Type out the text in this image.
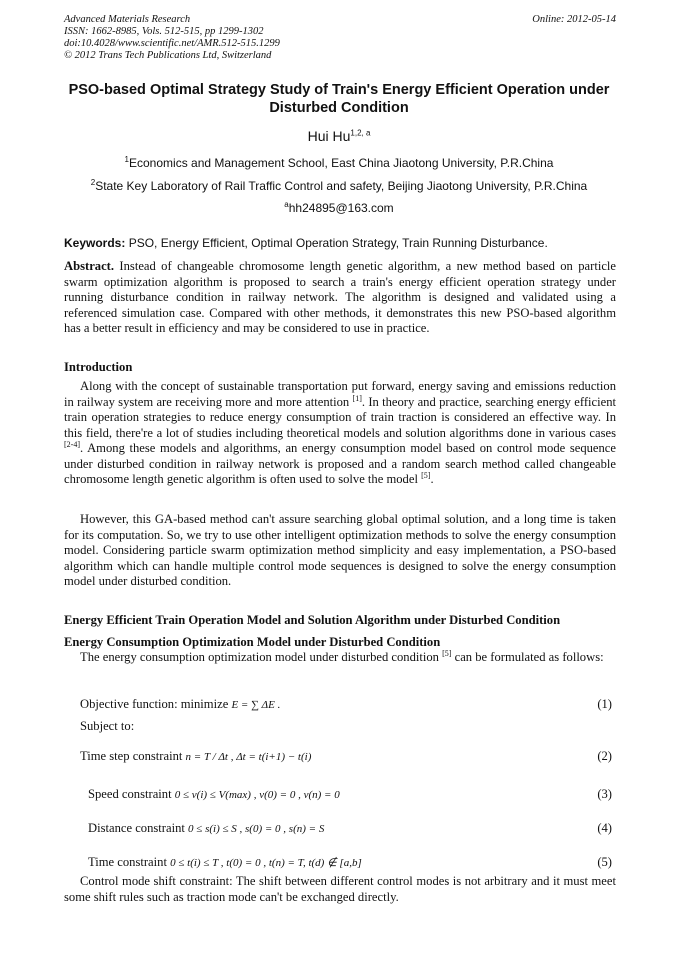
Advanced Materials Research
ISSN: 1662-8985, Vols. 512-515, pp 1299-1302
doi:10.4028/www.scientific.net/AMR.512-515.1299
© 2012 Trans Tech Publications Ltd, Switzerland
Online: 2012-05-14
PSO-based Optimal Strategy Study of Train's Energy Efficient Operation under Disturbed Condition
Hui Hu$^{1,2, a}$
$^1$Economics and Management School, East China Jiaotong University, P.R.China
$^2$State Key Laboratory of Rail Traffic Control and safety, Beijing Jiaotong University, P.R.China
$^a$hh24895@163.com
Keywords: PSO, Energy Efficient, Optimal Operation Strategy, Train Running Disturbance.
Abstract. Instead of changeable chromosome length genetic algorithm, a new method based on particle swarm optimization algorithm is proposed to search a train's energy efficient operation strategy under running disturbance condition in railway network. The algorithm is designed and validated using a referenced simulation case. Compared with other methods, it demonstrates this new PSO-based algorithm has a better result in efficiency and may be considered to use in practice.
Introduction
Along with the concept of sustainable transportation put forward, energy saving and emissions reduction in railway system are receiving more and more attention [1]. In theory and practice, searching energy efficient train operation strategies to reduce energy consumption of train traction is considered an effective way. In this field, there're a lot of studies including theoretical models and solution algorithms done in various cases [2-4]. Among these models and algorithms, an energy consumption model based on control mode sequence under disturbed condition in railway network is proposed and a random search method called changeable chromosome length genetic algorithm is often used to solve the model [5].
However, this GA-based method can't assure searching global optimal solution, and a long time is taken for its computation. So, we try to use other intelligent optimization methods to solve the energy consumption model. Considering particle swarm optimization method simplicity and easy implementation, a PSO-based algorithm which can handle multiple control mode sequences is designed to solve the energy consumption model under disturbed condition.
Energy Efficient Train Operation Model and Solution Algorithm under Disturbed Condition
Energy Consumption Optimization Model under Disturbed Condition
The energy consumption optimization model under disturbed condition [5] can be formulated as follows:
Objective function: minimize E = ∑ ΔE .	(1)
Subject to:
Time step constraint n = T / Δt , Δt = t(i+1) − t(i)	(2)
Speed constraint 0 ≤ v(i) ≤ V(max) , v(0) = 0 , v(n) = 0	(3)
Distance constraint 0 ≤ s(i) ≤ S , s(0) = 0 , s(n) = S	(4)
Time constraint 0 ≤ t(i) ≤ T , t(0) = 0 , t(n) = T, t(d) ∉ [a,b]	(5)
Control mode shift constraint: The shift between different control modes is not arbitrary and it must meet some shift rules such as traction mode can't be exchanged directly.
